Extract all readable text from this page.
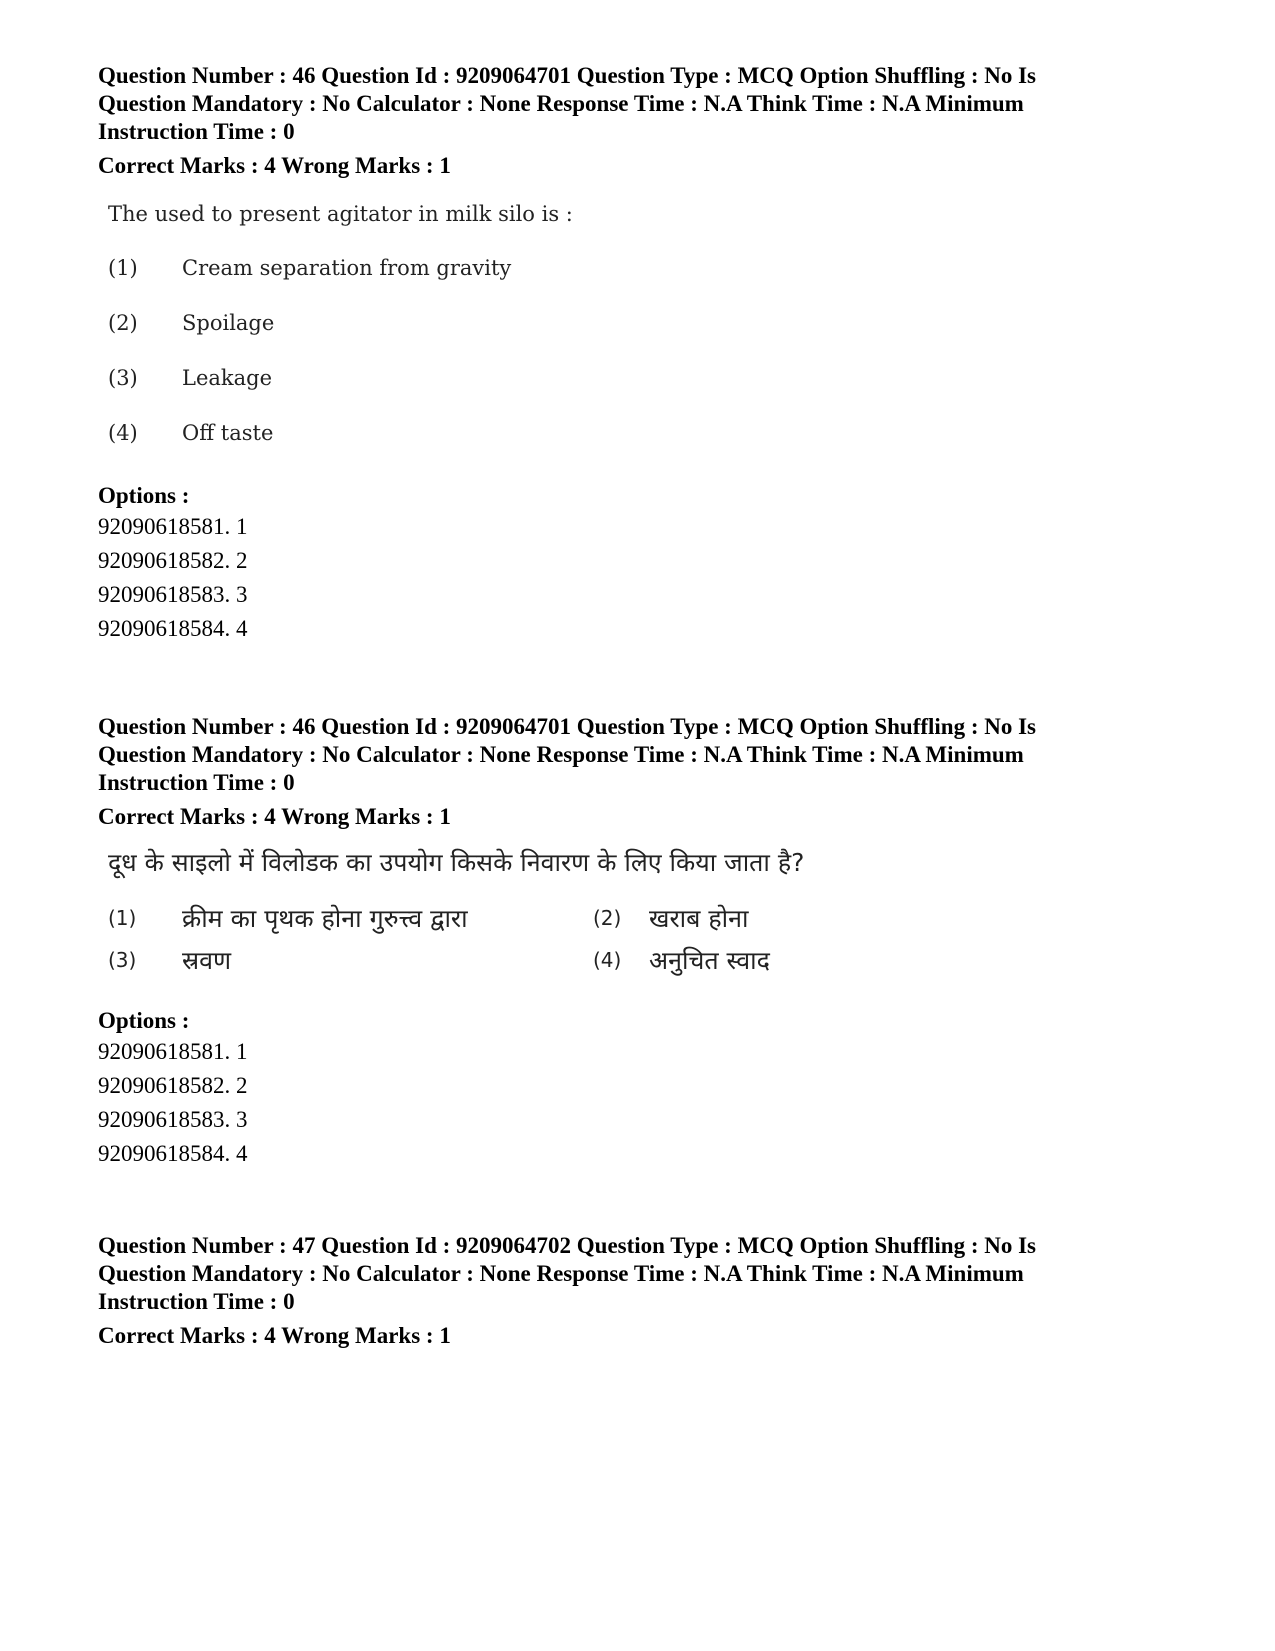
Question Number : 46 Question Id : 9209064701 Question Type : MCQ Option Shuffling : No Is
Question Mandatory : No Calculator : None Response Time : N.A Think Time : N.A Minimum
Instruction Time : 0
Correct Marks : 4 Wrong Marks : 1
The used to present agitator in milk silo is :
(1)	Cream separation from gravity
(2)	Spoilage
(3)	Leakage
(4)	Off taste
Options :
92090618581. 1
92090618582. 2
92090618583. 3
92090618584. 4
Question Number : 46 Question Id : 9209064701 Question Type : MCQ Option Shuffling : No Is
Question Mandatory : No Calculator : None Response Time : N.A Think Time : N.A Minimum
Instruction Time : 0
Correct Marks : 4 Wrong Marks : 1
दूध के साइलो में विलोडक का उपयोग किसके निवारण के लिए किया जाता है?
(1)	क्रीम का पृथक होना गुरुत्त्व द्वारा	(2)	खराब होना
(3)	स्रवण	(4)	अनुचित स्वाद
Options :
92090618581. 1
92090618582. 2
92090618583. 3
92090618584. 4
Question Number : 47 Question Id : 9209064702 Question Type : MCQ Option Shuffling : No Is
Question Mandatory : No Calculator : None Response Time : N.A Think Time : N.A Minimum
Instruction Time : 0
Correct Marks : 4 Wrong Marks : 1
